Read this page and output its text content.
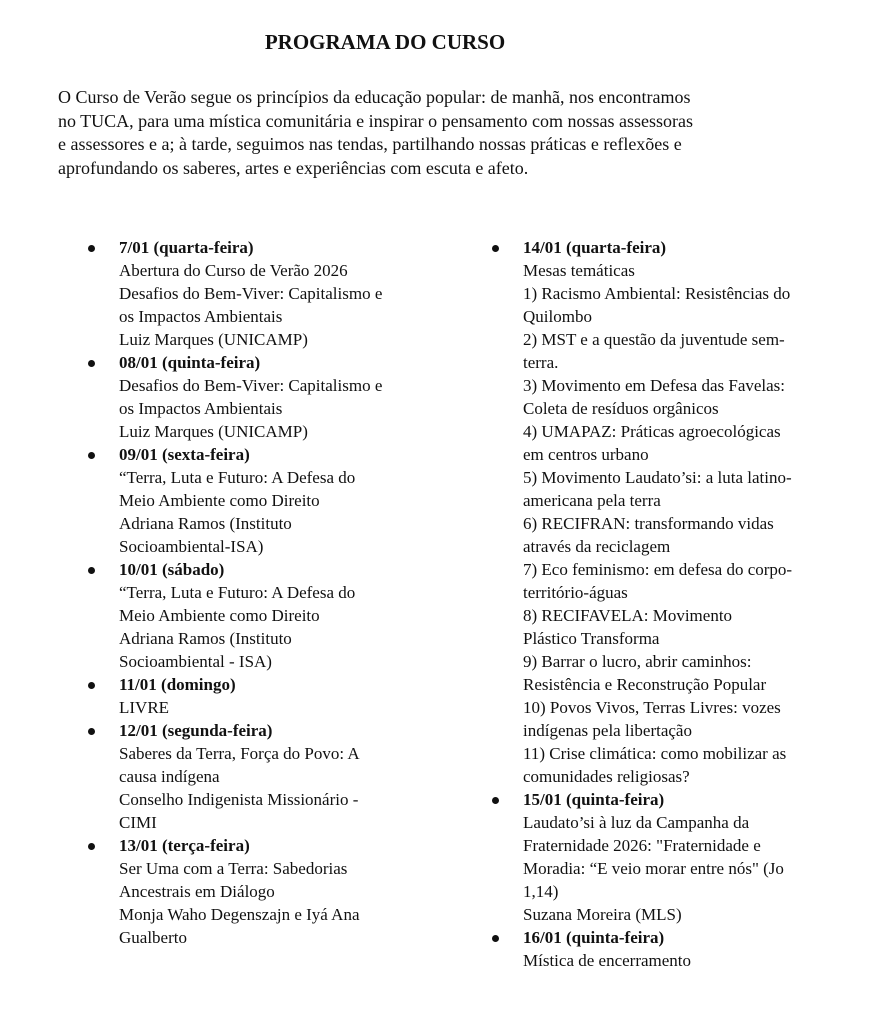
PROGRAMA DO CURSO

O Curso de Verão segue os princípios da educação popular: de manhã, nos encontramos
no TUCA, para uma mística comunitária e inspirar o pensamento com nossas assessoras
e assessores e a; à tarde, seguimos nas tendas, partilhando nossas práticas e reflexões e
aprofundando os saberes, artes e experiências com escuta e afeto.

7/01 (quarta-feira)
Abertura do Curso de Verão 2026
Desafios do Bem-Viver: Capitalismo e
os Impactos Ambientais
Luiz Marques (UNICAMP)
08/01 (quinta-feira)
Desafios do Bem-Viver: Capitalismo e
os Impactos Ambientais
Luiz Marques (UNICAMP)
09/01 (sexta-feira)
“Terra, Luta e Futuro: A Defesa do
Meio Ambiente como Direito
Adriana Ramos (Instituto
Socioambiental-ISA)
10/01 (sábado)
“Terra, Luta e Futuro: A Defesa do
Meio Ambiente como Direito
Adriana Ramos (Instituto
Socioambiental - ISA)
11/01 (domingo)
LIVRE
12/01 (segunda-feira)
Saberes da Terra, Força do Povo: A
causa indígena
Conselho Indigenista Missionário -
CIMI
13/01 (terça-feira)
Ser Uma com a Terra: Sabedorias
Ancestrais em Diálogo
Monja Waho Degenszajn e Iyá Ana
Gualberto
14/01 (quarta-feira)
Mesas temáticas
1) Racismo Ambiental: Resistências do
Quilombo
2) MST e a questão da juventude sem-
terra.
3) Movimento em Defesa das Favelas:
Coleta de resíduos orgânicos
4) UMAPAZ: Práticas agroecológicas
em centros urbano
5) Movimento Laudato’si: a luta latino-
americana pela terra
6) RECIFRAN: transformando vidas
através da reciclagem
7) Eco feminismo: em defesa do corpo-
território-águas
8) RECIFAVELA: Movimento
Plástico Transforma
9) Barrar o lucro, abrir caminhos:
Resistência e Reconstrução Popular
10) Povos Vivos, Terras Livres: vozes
indígenas pela libertação
11) Crise climática: como mobilizar as
comunidades religiosas?
15/01 (quinta-feira)
Laudato’si à luz da Campanha da
Fraternidade 2026: "Fraternidade e
Moradia: “E veio morar entre nós" (Jo
1,14)
Suzana Moreira (MLS)
16/01 (quinta-feira)
Mística de encerramento
